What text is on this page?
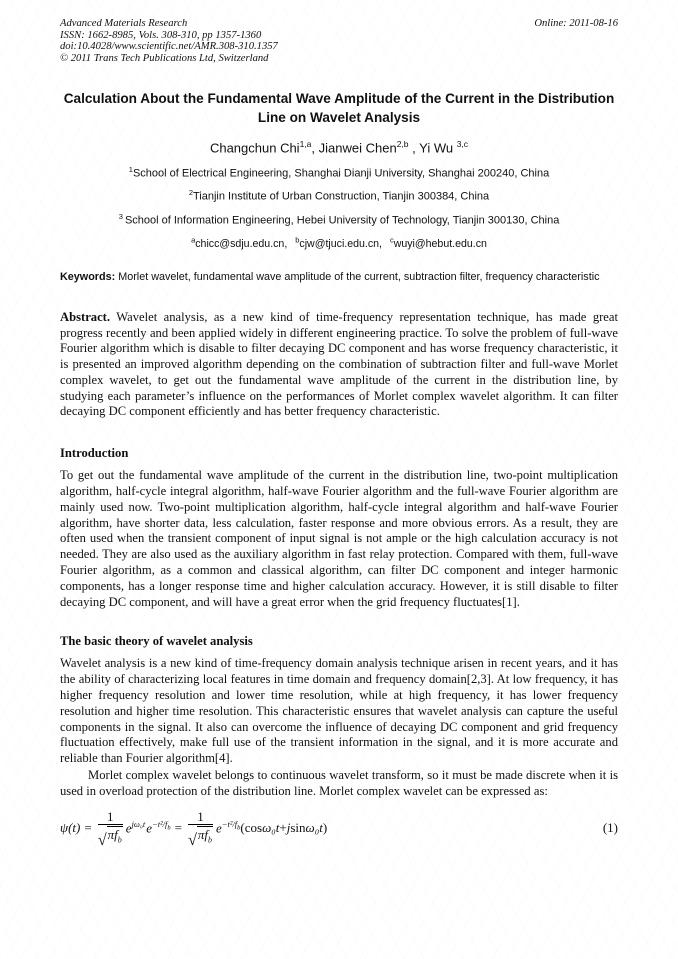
Advanced Materials Research
ISSN: 1662-8985, Vols. 308-310, pp 1357-1360
doi:10.4028/www.scientific.net/AMR.308-310.1357
© 2011 Trans Tech Publications Ltd, Switzerland
Online: 2011-08-16
Calculation About the Fundamental Wave Amplitude of the Current in the Distribution Line on Wavelet Analysis
Changchun Chi$^{1,a}$, Jianwei Chen$^{2,b}$ , Yi Wu $^{3,c}$
$^1$School of Electrical Engineering, Shanghai Dianji University, Shanghai 200240, China
$^2$Tianjin Institute of Urban Construction, Tianjin 300384, China
$^3$ School of Information Engineering, Hebei University of Technology, Tianjin 300130, China
$^a$chicc@sdju.edu.cn, $^b$cjw@tjuci.edu.cn, $^c$wuyi@hebut.edu.cn
Keywords: Morlet wavelet, fundamental wave amplitude of the current, subtraction filter, frequency characteristic

Abstract. Wavelet analysis, as a new kind of time-frequency representation technique, has made great progress recently and been applied widely in different engineering practice. To solve the problem of full-wave Fourier algorithm which is disable to filter decaying DC component and has worse frequency characteristic, it is presented an improved algorithm depending on the combination of subtraction filter and full-wave Morlet complex wavelet, to get out the fundamental wave amplitude of the current in the distribution line, by studying each parameter’s influence on the performances of Morlet complex wavelet algorithm. It can filter decaying DC component efficiently and has better frequency characteristic.

Introduction

To get out the fundamental wave amplitude of the current in the distribution line, two-point multiplication algorithm, half-cycle integral algorithm, half-wave Fourier algorithm and the full-wave Fourier algorithm are mainly used now. Two-point multiplication algorithm, half-cycle integral algorithm and half-wave Fourier algorithm, have shorter data, less calculation, faster response and more obvious errors. As a result, they are often used when the transient component of input signal is not ample or the high calculation accuracy is not needed. They are also used as the auxiliary algorithm in fast relay protection. Compared with them, full-wave Fourier algorithm, as a common and classical algorithm, can filter DC component and integer harmonic components, has a longer response time and higher calculation accuracy. However, it is still disable to filter decaying DC component, and will have a great error when the grid frequency fluctuates[1].

The basic theory of wavelet analysis

Wavelet analysis is a new kind of time-frequency domain analysis technique arisen in recent years, and it has the ability of characterizing local features in time domain and frequency domain[2,3]. At low frequency, it has higher frequency resolution and lower time resolution, while at high frequency, it has lower frequency resolution and higher time resolution. This characteristic ensures that wavelet analysis can capture the useful components in the signal. It also can overcome the influence of decaying DC component and grid frequency fluctuation effectively, make full use of the transient information in the signal, and it is more accurate and reliable than Fourier algorithm[4].

Morlet complex wavelet belongs to continuous wavelet transform, so it must be made discrete when it is used in overload protection of the distribution line. Morlet complex wavelet can be expressed as:

$\psi(t) = \frac{1}{√ \pi f_b} e^{j\omega_0t}$ $e^{-t^2/f_b} = \frac{1}{√ \pi f_b} e^{-t^2/f_b}$ (cos ω₀t + j sin ω₀t )	(1)
